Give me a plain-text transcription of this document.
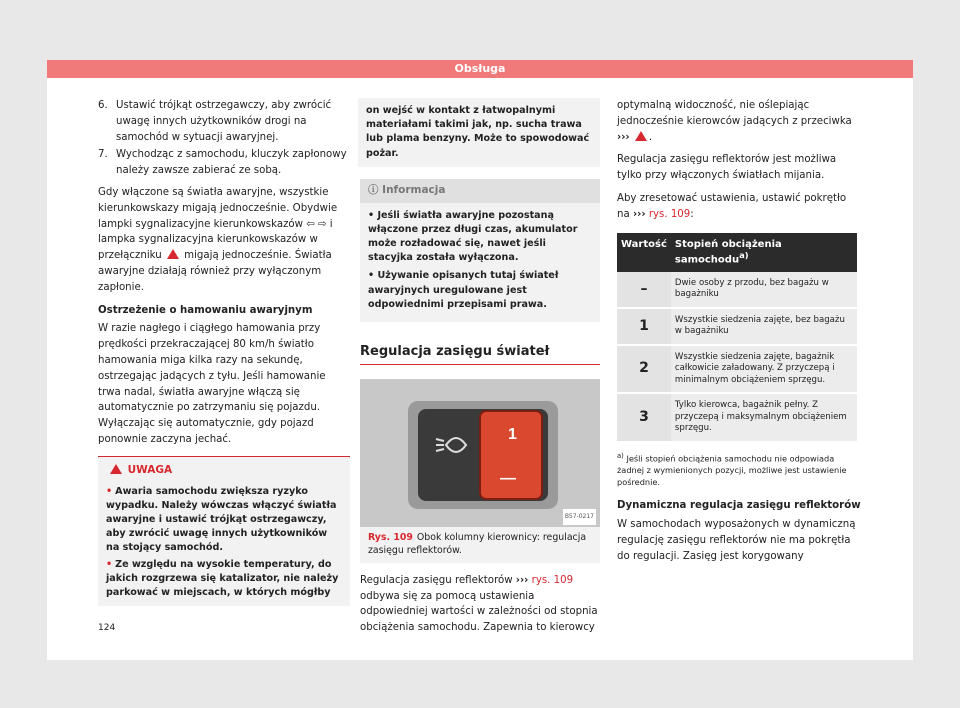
Obsługa
6. Ustawić trójkąt ostrzegawczy, aby zwrócić uwagę innych użytkowników drogi na samochód w sytuacji awaryjnej.
7. Wychodząc z samochodu, kluczyk zapłonowy należy zawsze zabierać ze sobą.

Gdy włączone są światła awaryjne, wszystkie kierunkowskazy migają jednocześnie. Obydwie lampki sygnalizacyjne kierunkowskazów ⇦ ⇨ i lampka sygnalizacyjna kierunkowskazów w przełączniku  migają jednocześnie. Światła awaryjne działają również przy wyłączonym zapłonie.

Ostrzeżenie o hamowaniu awaryjnym

W razie nagłego i ciągłego hamowania przy prędkości przekraczającej 80 km/h światło hamowania miga kilka razy na sekundę, ostrzegając jadących z tyłu. Jeśli hamowanie trwa nadal, światła awaryjne włączą się automatycznie po zatrzymaniu się pojazdu. Wyłączając się automatycznie, gdy pojazd ponownie zaczyna jechać.

UWAGA
• Awaria samochodu zwiększa ryzyko wypadku. Należy wówczas włączyć światła awaryjne i ustawić trójkąt ostrzegawczy, aby zwrócić uwagę innych użytkowników na stojący samochód.
• Ze względu na wysokie temperatury, do jakich rozgrzewa się katalizator, nie należy parkować w miejscach, w których mógłby
124

on wejść w kontakt z łatwopalnymi materiałami takimi jak, np. sucha trawa lub plama benzyny. Może to spowodować pożar.

ⓘ Informacja
• Jeśli światła awaryjne pozostaną włączone przez długi czas, akumulator może rozładować się, nawet jeśli stacyjka została wyłączona.
• Używanie opisanych tutaj świateł awaryjnych uregulowane jest odpowiednimi przepisami prawa.
Regulacja zasięgu świateł
1
—
B57-0217
Rys. 109 Obok kolumny kierownicy: regulacja zasięgu reflektorów.

Regulacja zasięgu reflektorów ››› rys. 109 odbywa się za pomocą ustawienia odpowiedniej wartości w zależności od stopnia obciążenia samochodu. Zapewnia to kierowcy

optymalną widoczność, nie oślepiając jednocześnie kierowców jadących z przeciwka ››› .

Regulacja zasięgu reflektorów jest możliwa tylko przy włączonych światłach mijania.

Aby zresetować ustawienia, ustawić pokrętło na ››› rys. 109:

Wartość	Stopień obciążenia samochodu$^{a)}$
–	Dwie osoby z przodu, bez bagażu w bagażniku
1	Wszystkie siedzenia zajęte, bez bagażu w bagażniku
2	Wszystkie siedzenia zajęte, bagażnik całkowicie załadowany. Z przyczepą i minimalnym obciążeniem sprzęgu.
3	Tylko kierowca, bagażnik pełny. Z przyczepą i maksymalnym obciążeniem sprzęgu.
$^{a)}$ Jeśli stopień obciążenia samochodu nie odpowiada żadnej z wymienionych pozycji, możliwe jest ustawienie pośrednie.
Dynamiczna regulacja zasięgu reflektorów

W samochodach wyposażonych w dynamiczną regulację zasięgu reflektorów nie ma pokrętła do regulacji. Zasięg jest korygowany
